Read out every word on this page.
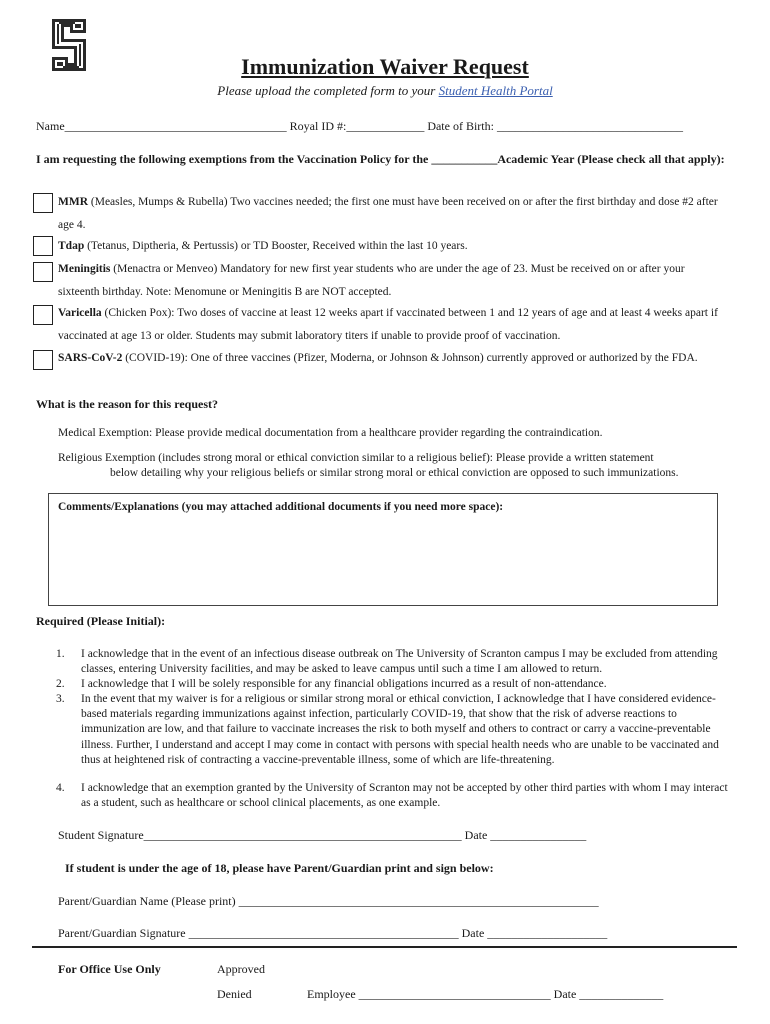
Immunization Waiver Request
Please upload the completed form to your Student Health Portal
Name_____________________________________ Royal ID #:_____________ Date of Birth: _______________________________
I am requesting the following exemptions from the Vaccination Policy for the ___________Academic Year (Please check all that apply):
MMR (Measles, Mumps & Rubella) Two vaccines needed; the first one must have been received on or after the first birthday and dose #2 after age 4.
Tdap (Tetanus, Diptheria, & Pertussis) or TD Booster, Received within the last 10 years.
Meningitis (Menactra or Menveo) Mandatory for new first year students who are under the age of 23. Must be received on or after your sixteenth birthday. Note: Menomune or Meningitis B are NOT accepted.
Varicella (Chicken Pox): Two doses of vaccine at least 12 weeks apart if vaccinated between 1 and 12 years of age and at least 4 weeks apart if vaccinated at age 13 or older. Students may submit laboratory titers if unable to provide proof of vaccination.
SARS-CoV-2 (COVID-19): One of three vaccines (Pfizer, Moderna, or Johnson & Johnson) currently approved or authorized by the FDA.
What is the reason for this request?
Medical Exemption: Please provide medical documentation from a healthcare provider regarding the contraindication.
Religious Exemption (includes strong moral or ethical conviction similar to a religious belief): Please provide a written statement
below detailing why your religious beliefs or similar strong moral or ethical conviction are opposed to such immunizations.
Comments/Explanations (you may attached additional documents if you need more space):
Required (Please Initial):
1.	I acknowledge that in the event of an infectious disease outbreak on The University of Scranton campus I may be excluded from attending classes, entering University facilities, and may be asked to leave campus until such a time I am allowed to return.
2.	I acknowledge that I will be solely responsible for any financial obligations incurred as a result of non-attendance.
3.	In the event that my waiver is for a religious or similar strong moral or ethical conviction, I acknowledge that I have considered evidence-based materials regarding immunizations against infection, particularly COVID-19, that show that the risk of adverse reactions to immunization are low, and that failure to vaccinate increases the risk to both myself and others to contract or carry a vaccine-preventable illness. Further, I understand and accept I may come in contact with persons with special health needs who are unable to be vaccinated and thus at heightened risk of contracting a vaccine-preventable illness, some of which are life-threatening.
4.	I acknowledge that an exemption granted by the University of Scranton may not be accepted by other third parties with whom I may interact as a student, such as healthcare or school clinical placements, as one example.
Student Signature_____________________________________________________ Date ________________
If student is under the age of 18, please have Parent/Guardian print and sign below:
Parent/Guardian Name (Please print) ____________________________________________________________
Parent/Guardian Signature _____________________________________________ Date ____________________
For Office Use Only	Approved
Denied	Employee ________________________________ Date ______________
